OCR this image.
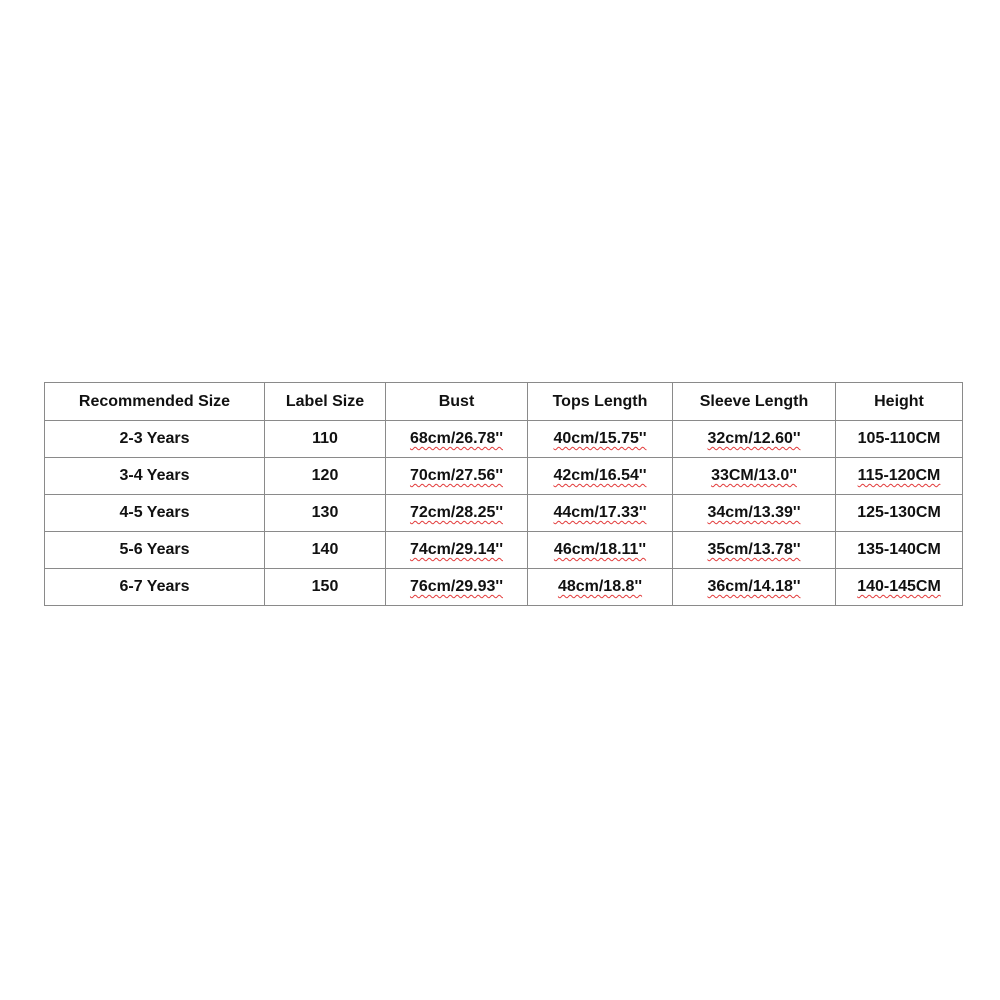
Recommended Size	Label Size	Bust	Tops Length	Sleeve Length	Height
2-3 Years	110	68cm/26.78''	40cm/15.75''	32cm/12.60''	105-110CM
3-4 Years	120	70cm/27.56''	42cm/16.54''	33CM/13.0''	115-120CM
4-5 Years	130	72cm/28.25''	44cm/17.33''	34cm/13.39''	125-130CM
5-6 Years	140	74cm/29.14''	46cm/18.11''	35cm/13.78''	135-140CM
6-7 Years	150	76cm/29.93''	48cm/18.8''	36cm/14.18''	140-145CM
